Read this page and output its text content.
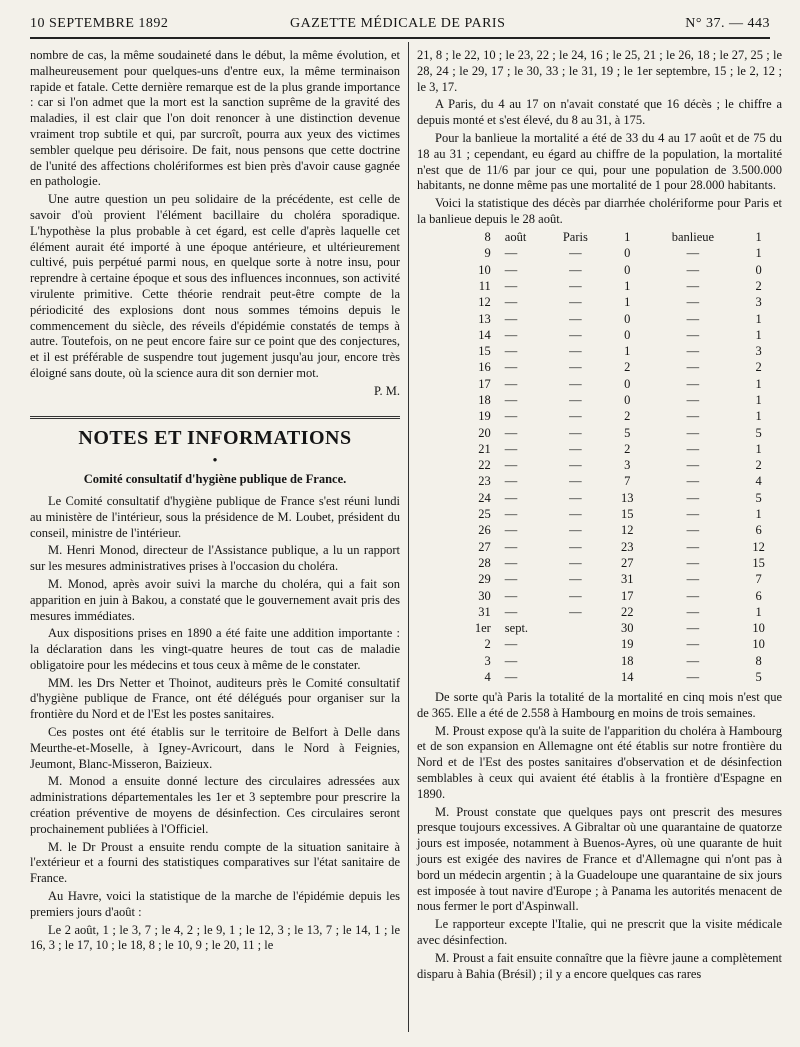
10 SEPTEMBRE 1892	GAZETTE MÉDICALE DE PARIS	N° 37. — 443

nombre de cas, la même soudaineté dans le début, la même évolution, et malheureusement pour quelques-uns d'entre eux, la même terminaison rapide et fatale. Cette dernière remarque est de la plus grande importance : car si l'on admet que la mort est la sanction suprême de la gravité des maladies, il est clair que l'on doit renoncer à une distinction devenue vraiment trop subtile et qui, par surcroît, pourra aux yeux des victimes sembler quelque peu dérisoire. De fait, nous pensons que cette doctrine de l'unité des affections cholériformes est bien près d'avoir cause gagnée en pathologie.

Une autre question un peu solidaire de la précédente, est celle de savoir d'où provient l'élément bacillaire du choléra sporadique. L'hypothèse la plus probable à cet égard, est celle d'après laquelle cet élément aurait été importé à une époque antérieure, et ultérieurement cultivé, puis perpétué parmi nous, en quelque sorte à notre insu, pour reprendre à certaine époque et sous des influences inconnues, son activité virulente primitive. Cette théorie rendrait peut-être compte de la périodicité des explosions dont nous sommes témoins depuis le commencement du siècle, des réveils d'épidémie constatés de temps à autre. Toutefois, on ne peut encore faire sur ce point que des conjectures, et il est préférable de suspendre tout jugement jusqu'au jour, encore très éloigné sans doute, où la science aura dit son dernier mot.

P. M.

NOTES ET INFORMATIONS
●
Comité consultatif d'hygiène publique de France.

Le Comité consultatif d'hygiène publique de France s'est réuni lundi au ministère de l'intérieur, sous la présidence de M. Loubet, président du conseil, ministre de l'intérieur.

M. Henri Monod, directeur de l'Assistance publique, a lu un rapport sur les mesures administratives prises à l'occasion du choléra.

M. Monod, après avoir suivi la marche du choléra, qui a fait son apparition en juin à Bakou, a constaté que le gouvernement avait pris des mesures immédiates.

Aux dispositions prises en 1890 a été faite une addition importante : la déclaration dans les vingt-quatre heures de tout cas de maladie obligatoire pour les médecins et tous ceux à même de le constater.

MM. les Drs Netter et Thoinot, auditeurs près le Comité consultatif d'hygiène publique de France, ont été délégués pour organiser sur la frontière du Nord et de l'Est les postes sanitaires.

Ces postes ont été établis sur le territoire de Belfort à Delle dans Meurthe-et-Moselle, à Igney-Avricourt, dans le Nord à Feignies, Jeumont, Blanc-Misseron, Baizieux.

M. Monod a ensuite donné lecture des circulaires adressées aux administrations départementales les 1er et 3 septembre pour prescrire la création préventive de moyens de désinfection. Ces circulaires seront prochainement publiées à l'Officiel.

M. le Dr Proust a ensuite rendu compte de la situation sanitaire à l'extérieur et a fourni des statistiques comparatives sur l'état sanitaire de France.

Au Havre, voici la statistique de la marche de l'épidémie depuis les premiers jours d'août :

Le 2 août, 1 ; le 3, 7 ; le 4, 2 ; le 9, 1 ; le 12, 3 ; le 13, 7 ; le 14, 1 ; le 16, 3 ; le 17, 10 ; le 18, 8 ; le 10, 9 ; le 20, 11 ; le

21, 8 ; le 22, 10 ; le 23, 22 ; le 24, 16 ; le 25, 21 ; le 26, 18 ; le 27, 25 ; le 28, 24 ; le 29, 17 ; le 30, 33 ; le 31, 19 ; le 1er septembre, 15 ; le 2, 12 ; le 3, 17.

A Paris, du 4 au 17 on n'avait constaté que 16 décès ; le chiffre a depuis monté et s'est élevé, du 8 au 31, à 175.

Pour la banlieue la mortalité a été de 33 du 4 au 17 août et de 75 du 18 au 31 ; cependant, eu égard au chiffre de la population, la mortalité n'est que de 11/6 par jour ce qui, pour une population de 3.500.000 habitants, ne donne même pas une mortalité de 1 pour 28.000 habitants.

Voici la statistique des décès par diarrhée cholériforme pour Paris et la banlieue depuis le 28 août.

8	août	Paris	1	banlieue	1
9	—	—	0	—	1
10	—	—	0	—	0
11	—	—	1	—	2
12	—	—	1	—	3
13	—	—	0	—	1
14	—	—	0	—	1
15	—	—	1	—	3
16	—	—	2	—	2
17	—	—	0	—	1
18	—	—	0	—	1
19	—	—	2	—	1
20	—	—	5	—	5
21	—	—	2	—	1
22	—	—	3	—	2
23	—	—	7	—	4
24	—	—	13	—	5
25	—	—	15	—	1
26	—	—	12	—	6
27	—	—	23	—	12
28	—	—	27	—	15
29	—	—	31	—	7
30	—	—	17	—	6
31	—	—	22	—	1
1er	sept.		30	—	10
2	—		19	—	10
3	—		18	—	8
4	—		14	—	5

De sorte qu'à Paris la totalité de la mortalité en cinq mois n'est que de 365. Elle a été de 2.558 à Hambourg en moins de trois semaines.

M. Proust expose qu'à la suite de l'apparition du choléra à Hambourg et de son expansion en Allemagne ont été établis sur notre frontière du Nord et de l'Est des postes sanitaires d'observation et de désinfection semblables à ceux qui avaient été établis à la frontière d'Espagne en 1890.

M. Proust constate que quelques pays ont prescrit des mesures presque toujours excessives. A Gibraltar où une quarantaine de quatorze jours est imposée, notamment à Buenos-Ayres, où une quarante de huit jours est exigée des navires de France et d'Allemagne qui n'ont pas à bord un médecin argentin ; à la Guadeloupe une quarantaine de six jours est imposée à tout navire d'Europe ; à Panama les autorités menacent de nous fermer le port d'Aspinwall.

Le rapporteur excepte l'Italie, qui ne prescrit que la visite médicale avec désinfection.

M. Proust a fait ensuite connaître que la fièvre jaune a complètement disparu à Bahia (Brésil) ; il y a encore quelques cas rares
